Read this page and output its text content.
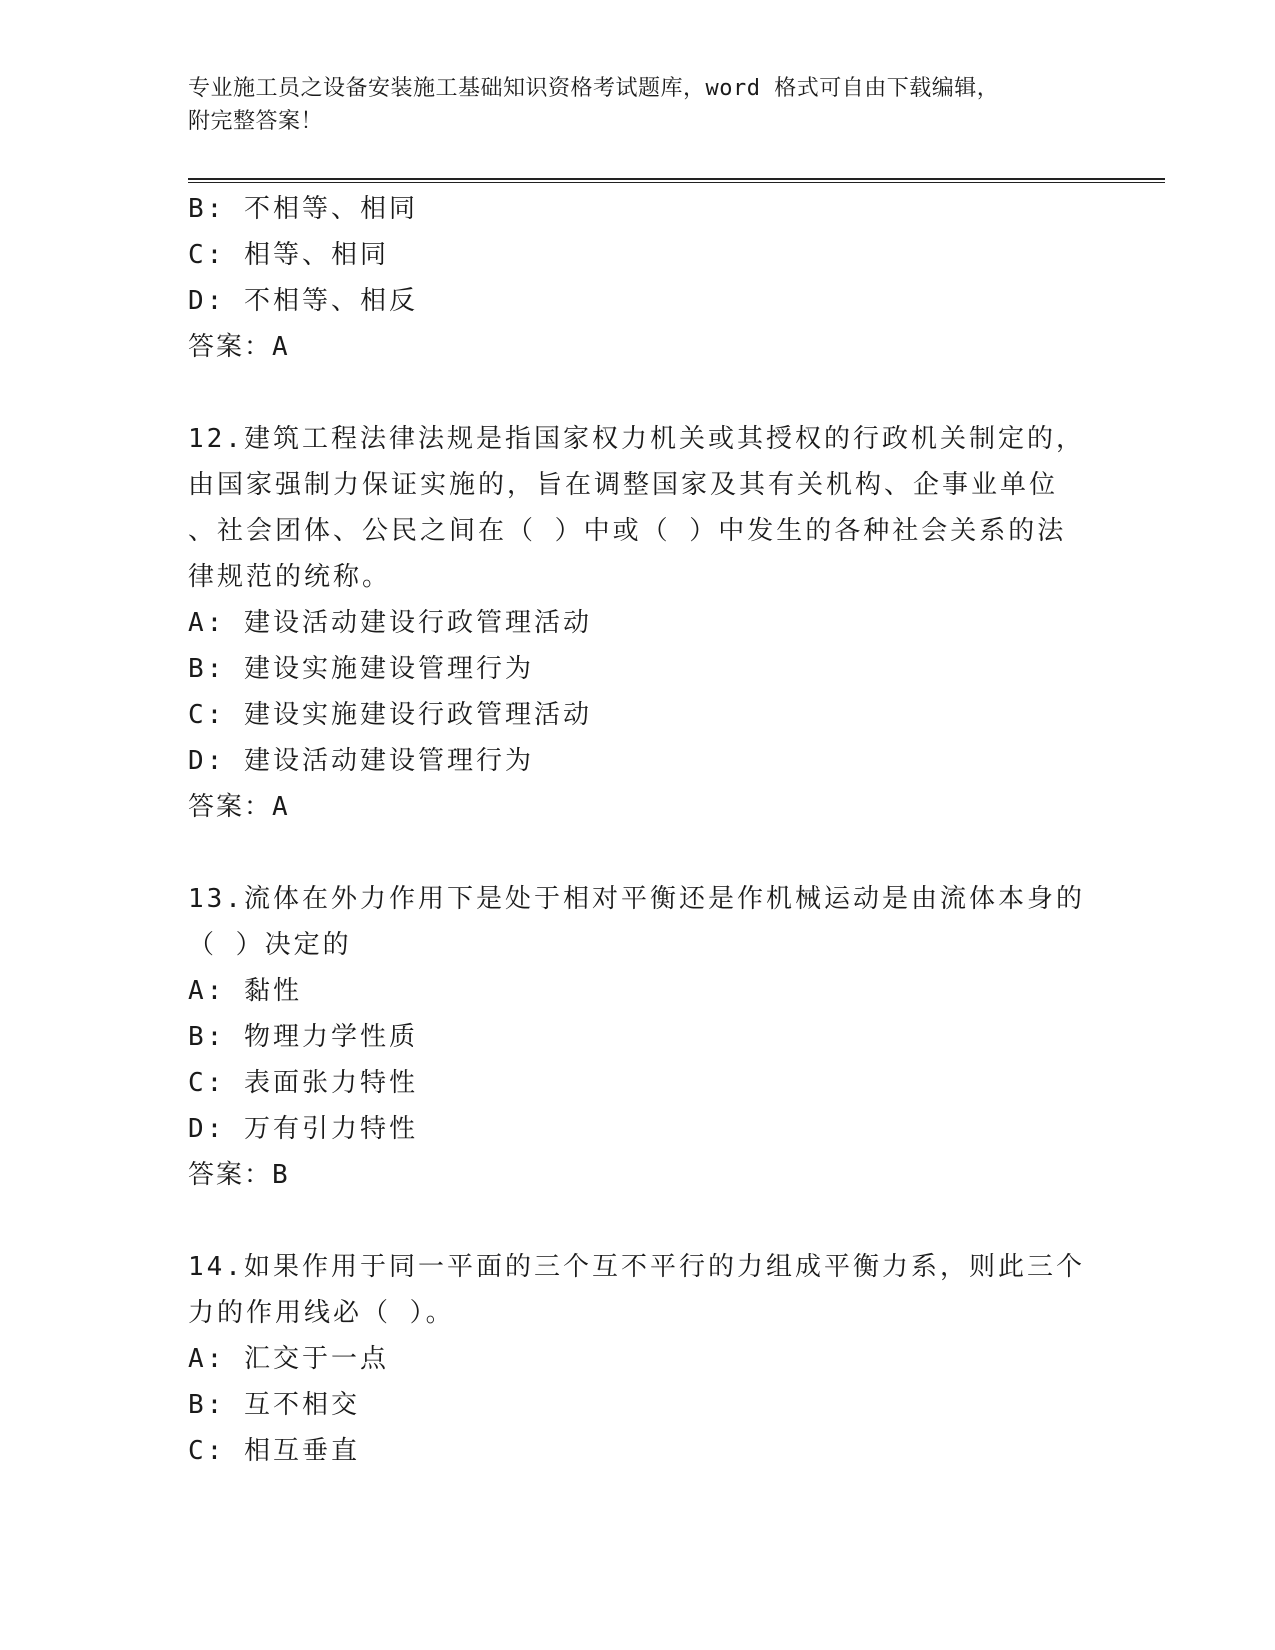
专业施工员之设备安装施工基础知识资格考试题库，word 格式可自由下载编辑，
附完整答案！
B: 不相等、相同
C: 相等、相同
D: 不相等、相反
答案：A
12.建筑工程法律法规是指国家权力机关或其授权的行政机关制定的，
由国家强制力保证实施的，旨在调整国家及其有关机构、企事业单位
、社会团体、公民之间在（ ）中或（ ）中发生的各种社会关系的法
律规范的统称。
A: 建设活动建设行政管理活动
B: 建设实施建设管理行为
C: 建设实施建设行政管理活动
D: 建设活动建设管理行为
答案：A
13.流体在外力作用下是处于相对平衡还是作机械运动是由流体本身的
（ ）决定的
A: 黏性
B: 物理力学性质
C: 表面张力特性
D: 万有引力特性
答案：B
14.如果作用于同一平面的三个互不平行的力组成平衡力系，则此三个
力的作用线必（ ）。
A: 汇交于一点
B: 互不相交
C: 相互垂直
